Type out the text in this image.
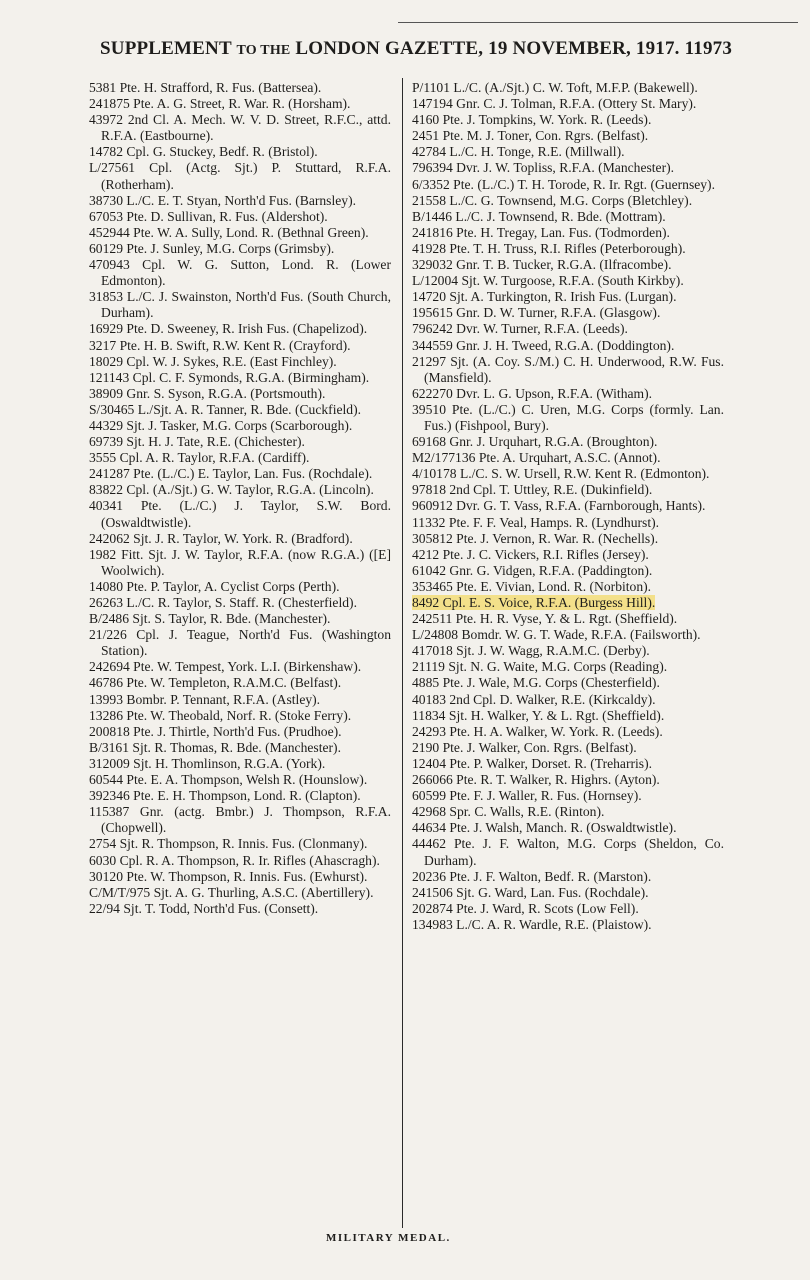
SUPPLEMENT TO THE LONDON GAZETTE, 19 NOVEMBER, 1917. 11973

5381 Pte. H. Strafford, R. Fus. (Battersea).

241875 Pte. A. G. Street, R. War. R. (Horsham).

43972 2nd Cl. A. Mech. W. V. D. Street, R.F.C., attd. R.F.A. (Eastbourne).

14782 Cpl. G. Stuckey, Bedf. R. (Bristol).

L/27561 Cpl. (Actg. Sjt.) P. Stuttard, R.F.A. (Rotherham).

38730 L./C. E. T. Styan, North'd Fus. (Barnsley).

67053 Pte. D. Sullivan, R. Fus. (Aldershot).

452944 Pte. W. A. Sully, Lond. R. (Bethnal Green).

60129 Pte. J. Sunley, M.G. Corps (Grimsby).

470943 Cpl. W. G. Sutton, Lond. R. (Lower Edmonton).

31853 L./C. J. Swainston, North'd Fus. (South Church, Durham).

16929 Pte. D. Sweeney, R. Irish Fus. (Chapelizod).

3217 Pte. H. B. Swift, R.W. Kent R. (Crayford).

18029 Cpl. W. J. Sykes, R.E. (East Finchley).

121143 Cpl. C. F. Symonds, R.G.A. (Birmingham).

38909 Gnr. S. Syson, R.G.A. (Portsmouth).

S/30465 L./Sjt. A. R. Tanner, R. Bde. (Cuckfield).

44329 Sjt. J. Tasker, M.G. Corps (Scarborough).

69739 Sjt. H. J. Tate, R.E. (Chichester).

3555 Cpl. A. R. Taylor, R.F.A. (Cardiff).

241287 Pte. (L./C.) E. Taylor, Lan. Fus. (Rochdale).

83822 Cpl. (A./Sjt.) G. W. Taylor, R.G.A. (Lincoln).

40341 Pte. (L./C.) J. Taylor, S.W. Bord. (Oswaldtwistle).

242062 Sjt. J. R. Taylor, W. York. R. (Bradford).

1982 Fitt. Sjt. J. W. Taylor, R.F.A. (now R.G.A.) ([E] Woolwich).

14080 Pte. P. Taylor, A. Cyclist Corps (Perth).

26263 L./C. R. Taylor, S. Staff. R. (Chesterfield).

B/2486 Sjt. S. Taylor, R. Bde. (Manchester).

21/226 Cpl. J. Teague, North'd Fus. (Washington Station).

242694 Pte. W. Tempest, York. L.I. (Birkenshaw).

46786 Pte. W. Templeton, R.A.M.C. (Belfast).

13993 Bombr. P. Tennant, R.F.A. (Astley).

13286 Pte. W. Theobald, Norf. R. (Stoke Ferry).

200818 Pte. J. Thirtle, North'd Fus. (Prudhoe).

B/3161 Sjt. R. Thomas, R. Bde. (Manchester).

312009 Sjt. H. Thomlinson, R.G.A. (York).

60544 Pte. E. A. Thompson, Welsh R. (Hounslow).

392346 Pte. E. H. Thompson, Lond. R. (Clapton).

115387 Gnr. (actg. Bmbr.) J. Thompson, R.F.A. (Chopwell).

2754 Sjt. R. Thompson, R. Innis. Fus. (Clonmany).

6030 Cpl. R. A. Thompson, R. Ir. Rifles (Ahascragh).

30120 Pte. W. Thompson, R. Innis. Fus. (Ewhurst).

C/M/T/975 Sjt. A. G. Thurling, A.S.C. (Abertillery).

22/94 Sjt. T. Todd, North'd Fus. (Consett).

P/1101 L./C. (A./Sjt.) C. W. Toft, M.F.P. (Bakewell).

147194 Gnr. C. J. Tolman, R.F.A. (Ottery St. Mary).

4160 Pte. J. Tompkins, W. York. R. (Leeds).

2451 Pte. M. J. Toner, Con. Rgrs. (Belfast).

42784 L./C. H. Tonge, R.E. (Millwall).

796394 Dvr. J. W. Topliss, R.F.A. (Manchester).

6/3352 Pte. (L./C.) T. H. Torode, R. Ir. Rgt. (Guernsey).

21558 L./C. G. Townsend, M.G. Corps (Bletchley).

B/1446 L./C. J. Townsend, R. Bde. (Mottram).

241816 Pte. H. Tregay, Lan. Fus. (Todmorden).

41928 Pte. T. H. Truss, R.I. Rifles (Peterborough).

329032 Gnr. T. B. Tucker, R.G.A. (Ilfracombe).

L/12004 Sjt. W. Turgoose, R.F.A. (South Kirkby).

14720 Sjt. A. Turkington, R. Irish Fus. (Lurgan).

195615 Gnr. D. W. Turner, R.F.A. (Glasgow).

796242 Dvr. W. Turner, R.F.A. (Leeds).

344559 Gnr. J. H. Tweed, R.G.A. (Doddington).

21297 Sjt. (A. Coy. S./M.) C. H. Underwood, R.W. Fus. (Mansfield).

622270 Dvr. L. G. Upson, R.F.A. (Witham).

39510 Pte. (L./C.) C. Uren, M.G. Corps (formly. Lan. Fus.) (Fishpool, Bury).

69168 Gnr. J. Urquhart, R.G.A. (Broughton).

M2/177136 Pte. A. Urquhart, A.S.C. (Annot).

4/10178 L./C. S. W. Ursell, R.W. Kent R. (Edmonton).

97818 2nd Cpl. T. Uttley, R.E. (Dukinfield).

960912 Dvr. G. T. Vass, R.F.A. (Farnborough, Hants).

11332 Pte. F. F. Veal, Hamps. R. (Lyndhurst).

305812 Pte. J. Vernon, R. War. R. (Nechells).

4212 Pte. J. C. Vickers, R.I. Rifles (Jersey).

61042 Gnr. G. Vidgen, R.F.A. (Paddington).

353465 Pte. E. Vivian, Lond. R. (Norbiton).

8492 Cpl. E. S. Voice, R.F.A. (Burgess Hill).

242511 Pte. H. R. Vyse, Y. & L. Rgt. (Sheffield).

L/24808 Bomdr. W. G. T. Wade, R.F.A. (Failsworth).

417018 Sjt. J. W. Wagg, R.A.M.C. (Derby).

21119 Sjt. N. G. Waite, M.G. Corps (Reading).

4885 Pte. J. Wale, M.G. Corps (Chesterfield).

40183 2nd Cpl. D. Walker, R.E. (Kirkcaldy).

11834 Sjt. H. Walker, Y. & L. Rgt. (Sheffield).

24293 Pte. H. A. Walker, W. York. R. (Leeds).

2190 Pte. J. Walker, Con. Rgrs. (Belfast).

12404 Pte. P. Walker, Dorset. R. (Treharris).

266066 Pte. R. T. Walker, R. Highrs. (Ayton).

60599 Pte. F. J. Waller, R. Fus. (Hornsey).

42968 Spr. C. Walls, R.E. (Rinton).

44634 Pte. J. Walsh, Manch. R. (Oswaldtwistle).

44462 Pte. J. F. Walton, M.G. Corps (Sheldon, Co. Durham).

20236 Pte. J. F. Walton, Bedf. R. (Marston).

241506 Sjt. G. Ward, Lan. Fus. (Rochdale).

202874 Pte. J. Ward, R. Scots (Low Fell).

134983 L./C. A. R. Wardle, R.E. (Plaistow).

MILITARY MEDAL.
